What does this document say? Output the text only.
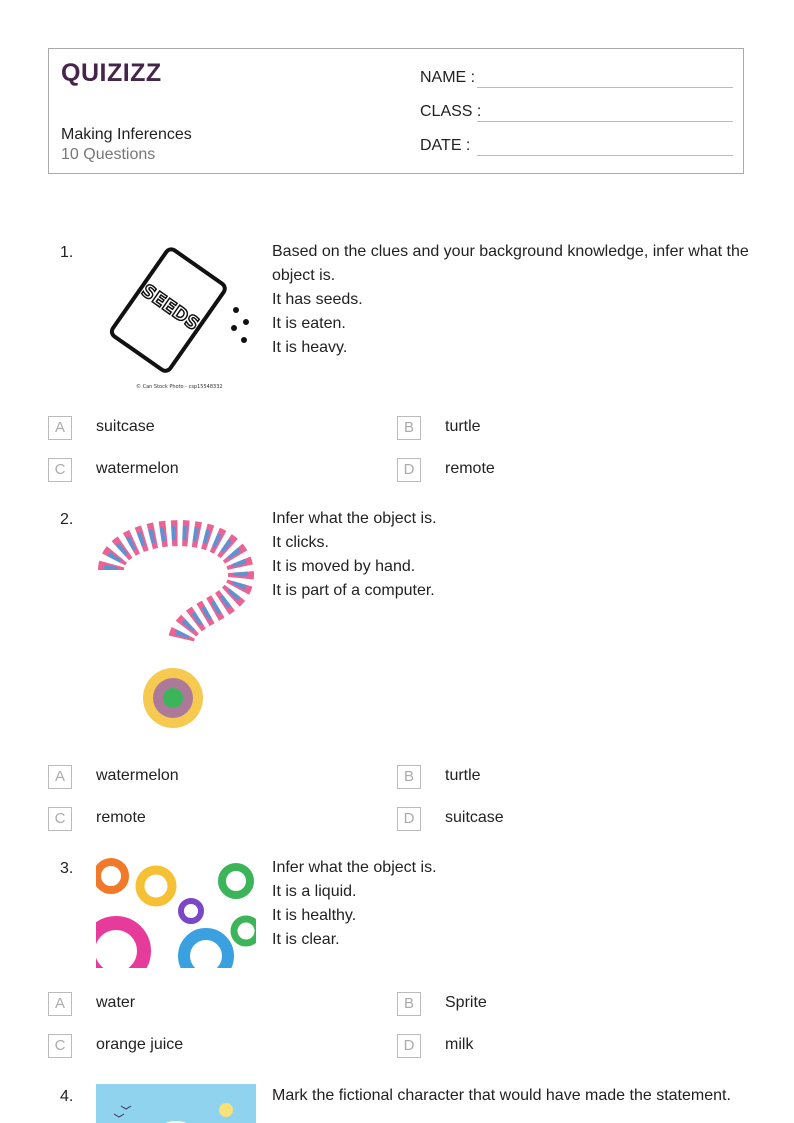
QUIZIZZ
Making Inferences
10 Questions
NAME :
CLASS :
DATE :
1.
SEEDS
© Can Stock Photo - csp15548332
Based on the clues and your background knowledge, infer what the object is.
It has seeds.
It is eaten.
It is heavy.
A	suitcase	B	turtle
C	watermelon	D	remote
2.	Infer what the object is.
It clicks.
It is moved by hand.
It is part of a computer.
A	watermelon	B	turtle
C	remote	D	suitcase
3.	Infer what the object is.
It is a liquid.
It is healthy.
It is clear.
A	water	B	Sprite
C	orange juice	D	milk
4.	Mark the fictional character that would have made the statement.
